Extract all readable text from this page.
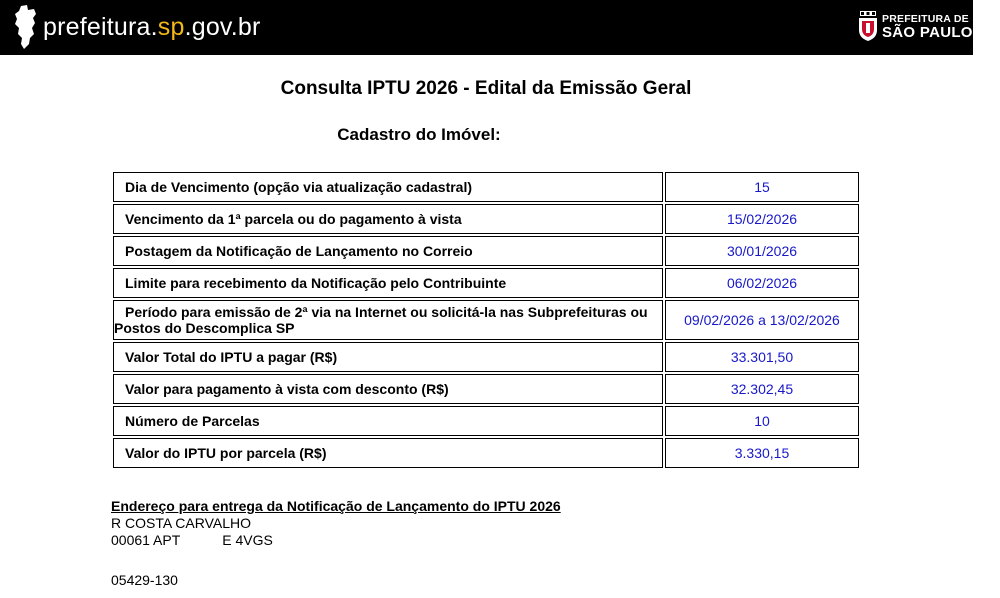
prefeitura.sp.gov.br	PREFEITURA DE
SÃO PAULO
Consulta IPTU 2026 - Edital da Emissão Geral
Cadastro do Imóvel:
Dia de Vencimento (opção via atualização cadastral)	15
Vencimento da 1ª parcela ou do pagamento à vista	15/02/2026
Postagem da Notificação de Lançamento no Correio	30/01/2026
Limite para recebimento da Notificação pelo Contribuinte	06/02/2026
Período para emissão de 2ª via na Internet ou solicitá-la nas Subprefeituras ou Postos do Descomplica SP	09/02/2026 a 13/02/2026
Valor Total do IPTU a pagar (R$)	33.301,50
Valor para pagamento à vista com desconto (R$)	32.302,45
Número de Parcelas	10
Valor do IPTU por parcela (R$)	3.330,15
Endereço para entrega da Notificação de Lançamento do IPTU 2026
R COSTA CARVALHO
00061 APT	E 4VGS
05429-130
